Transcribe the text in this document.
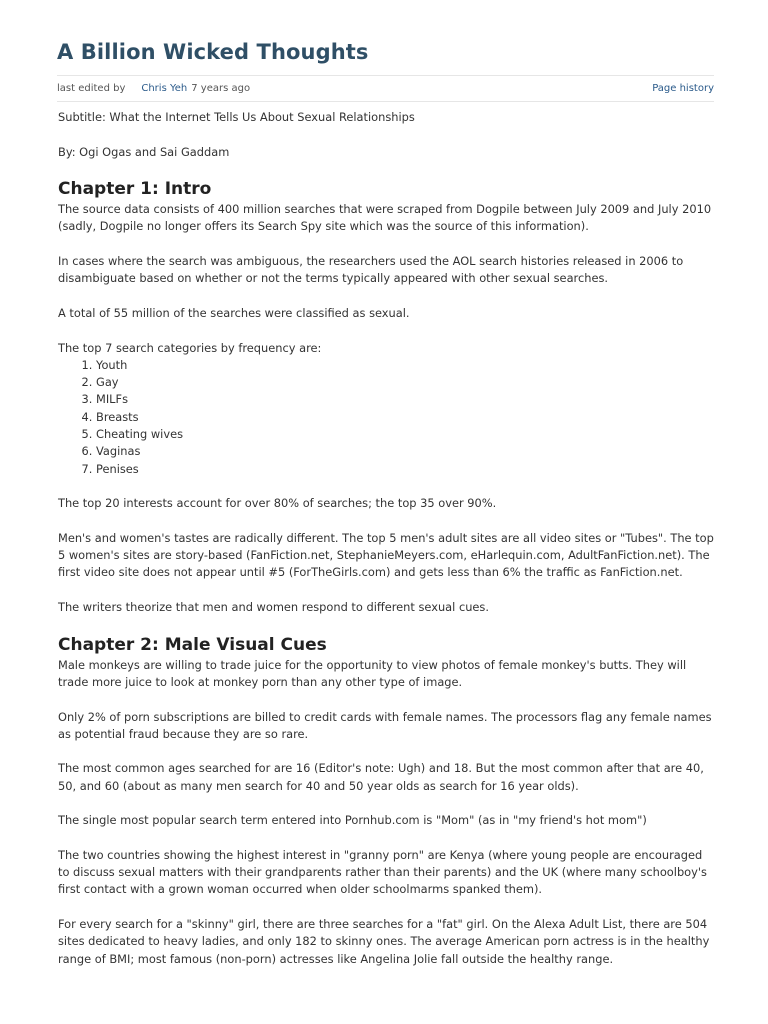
A Billion Wicked Thoughts
last edited by Chris Yeh 7 years ago	Page history

Subtitle: What the Internet Tells Us About Sexual Relationships

By: Ogi Ogas and Sai Gaddam

Chapter 1: Intro

The source data consists of 400 million searches that were scraped from Dogpile between July 2009 and July 2010 (sadly, Dogpile no longer offers its Search Spy site which was the source of this information).

In cases where the search was ambiguous, the researchers used the AOL search histories released in 2006 to disambiguate based on whether or not the terms typically appeared with other sexual searches.

A total of 55 million of the searches were classified as sexual.

The top 7 search categories by frequency are:
1. Youth
2. Gay
3. MILFs
4. Breasts
5. Cheating wives
6. Vaginas
7. Penises

The top 20 interests account for over 80% of searches; the top 35 over 90%.

Men's and women's tastes are radically different. The top 5 men's adult sites are all video sites or "Tubes". The top 5 women's sites are story-based (FanFiction.net, StephanieMeyers.com, eHarlequin.com, AdultFanFiction.net). The first video site does not appear until #5 (ForTheGirls.com) and gets less than 6% the traffic as FanFiction.net.

The writers theorize that men and women respond to different sexual cues.

Chapter 2: Male Visual Cues

Male monkeys are willing to trade juice for the opportunity to view photos of female monkey's butts. They will trade more juice to look at monkey porn than any other type of image.

Only 2% of porn subscriptions are billed to credit cards with female names. The processors flag any female names as potential fraud because they are so rare.

The most common ages searched for are 16 (Editor's note: Ugh) and 18. But the most common after that are 40, 50, and 60 (about as many men search for 40 and 50 year olds as search for 16 year olds).

The single most popular search term entered into Pornhub.com is "Mom" (as in "my friend's hot mom")

The two countries showing the highest interest in "granny porn" are Kenya (where young people are encouraged to discuss sexual matters with their grandparents rather than their parents) and the UK (where many schoolboy's first contact with a grown woman occurred when older schoolmarms spanked them).

For every search for a "skinny" girl, there are three searches for a "fat" girl. On the Alexa Adult List, there are 504 sites dedicated to heavy ladies, and only 182 to skinny ones. The average American porn actress is in the healthy range of BMI; most famous (non-porn) actresses like Angelina Jolie fall outside the healthy range.
